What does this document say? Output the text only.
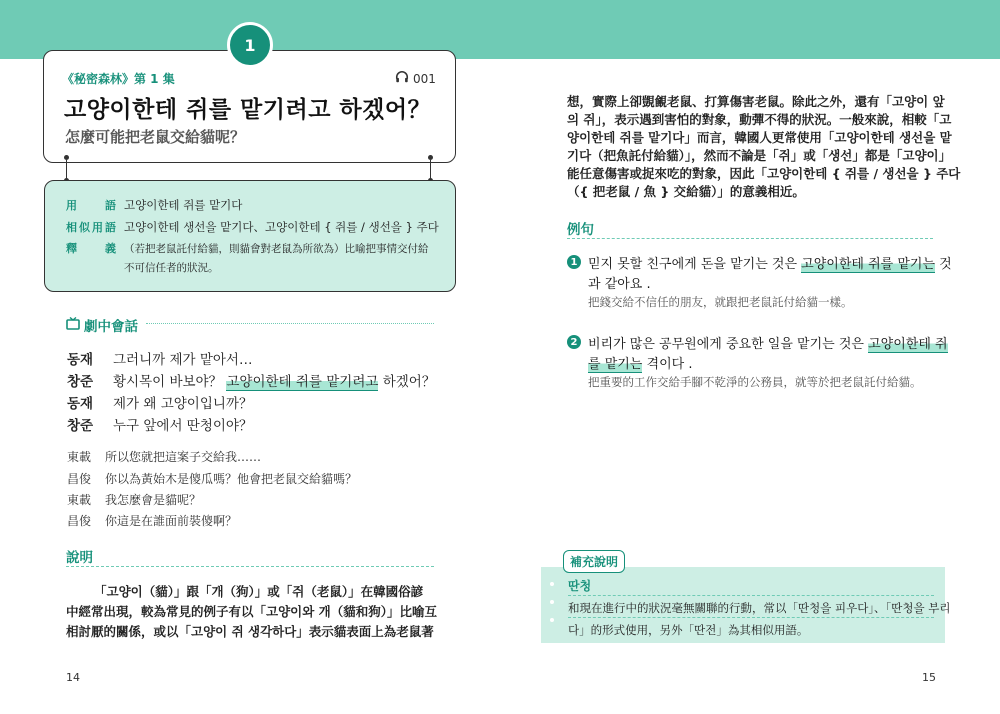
1
《秘密森林》第 1 集	001
고양이한테 쥐를 맡기려고 하겠어？
怎麼可能把老鼠交給貓呢？
用 語 고양이한테 쥐를 맡기다
相似用語 고양이한테 생선을 맡기다、고양이한테 { 쥐를 / 생선을 } 주다
釋 義 （若把老鼠託付給貓，則貓會對老鼠為所欲為）比喻把事情交付給
不可信任者的狀況。
劇中會話
동재 그러니까 제가 맡아서…
창준 황시목이 바보야？ 고양이한테 쥐를 맡기려고 하겠어？
동재 제가 왜 고양이입니까？
창준 누구 앞에서 딴청이야？
東載 所以您就把這案子交給我……
昌俊 你以為黃始木是傻瓜嗎？他會把老鼠交給貓嗎？
東載 我怎麼會是貓呢？
昌俊 你這是在誰面前裝傻啊？
說明
「고양이（貓）」跟「개（狗）」或「쥐（老鼠）」在韓國俗諺
中經常出現，較為常見的例子有以「고양이와 개（貓和狗）」比喻互
相討厭的關係，或以「고양이 쥐 생각하다」表示貓表面上為老鼠著
14
想，實際上卻覬覦老鼠、打算傷害老鼠。除此之外，還有「고양이 앞
의 쥐」，表示遇到害怕的對象，動彈不得的狀況。一般來說，相較「고
양이한테 쥐를 맡기다」而言，韓國人更常使用「고양이한테 생선을 맡
기다（把魚託付給貓）」，然而不論是「쥐」或「생선」都是「고양이」
能任意傷害或捉來吃的對象，因此「고양이한테 { 쥐를 / 생선을 } 주다
（{ 把老鼠 / 魚 } 交給貓）」的意義相近。
例句
1 믿지 못할 친구에게 돈을 맡기는 것은 고양이한테 쥐를 맡기는 것
과 같아요 .
把錢交給不信任的朋友，就跟把老鼠託付給貓一樣。
2 비리가 많은 공무원에게 중요한 일을 맡기는 것은 고양이한테 쥐
를 맡기는 격이다 .
把重要的工作交給手腳不乾淨的公務員，就等於把老鼠託付給貓。
補充說明
딴청
和現在進行中的狀況毫無關聯的行動，常以「딴청을 피우다」、「딴청을 부리
다」的形式使用，另外「딴전」為其相似用語。
15
